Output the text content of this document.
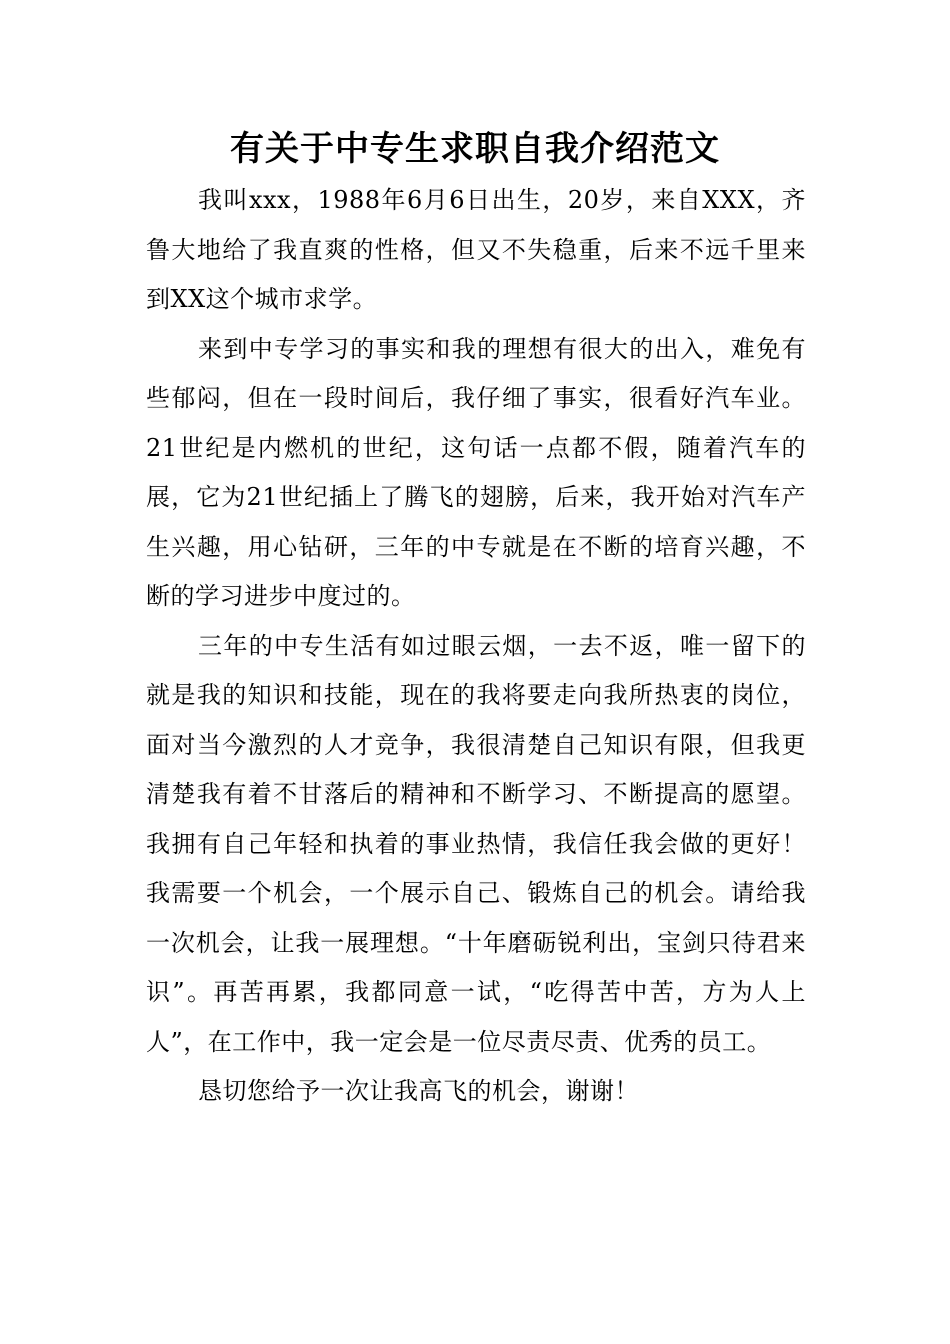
有关于中专生求职自我介绍范文

我叫xxx，1988年6月6日出生，20岁，来自XXX，齐鲁大地给了我直爽的性格，但又不失稳重，后来不远千里来到XX这个城市求学。

来到中专学习的事实和我的理想有很大的出入，难免有些郁闷，但在一段时间后，我仔细了事实，很看好汽车业。21世纪是内燃机的世纪，这句话一点都不假，随着汽车的展，它为21世纪插上了腾飞的翅膀，后来，我开始对汽车产生兴趣，用心钻研，三年的中专就是在不断的培育兴趣，不断的学习进步中度过的。

三年的中专生活有如过眼云烟，一去不返，唯一留下的就是我的知识和技能，现在的我将要走向我所热衷的岗位，面对当今激烈的人才竞争，我很清楚自己知识有限，但我更清楚我有着不甘落后的精神和不断学习、不断提高的愿望。我拥有自己年轻和执着的事业热情，我信任我会做的更好！我需要一个机会，一个展示自己、锻炼自己的机会。请给我一次机会，让我一展理想。“十年磨砺锐利出，宝剑只待君来识”。再苦再累，我都同意一试，“吃得苦中苦，方为人上人”，在工作中，我一定会是一位尽责尽责、优秀的员工。

恳切您给予一次让我高飞的机会，谢谢！
